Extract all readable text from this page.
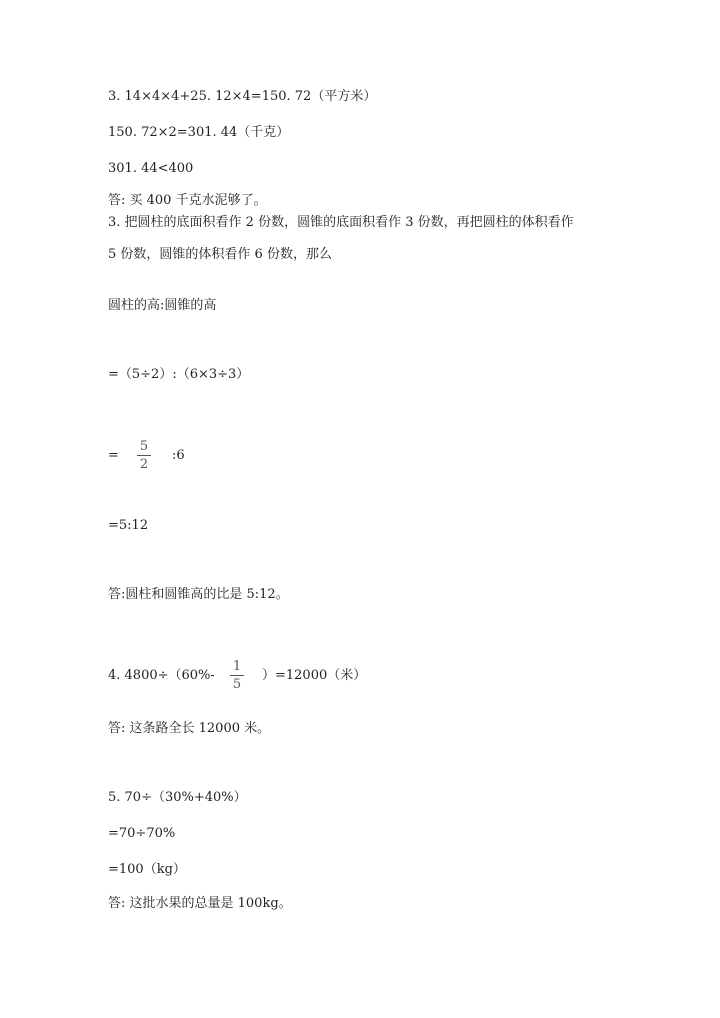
3. 14×4×4+25. 12×4=150. 72（平方米）
150. 72×2=301. 44（千克）
301. 44<400
答: 买 400 千克水泥够了。
3. 把圆柱的底面积看作 2 份数，圆锥的底面积看作 3 份数，再把圆柱的体积看作
5 份数，圆锥的体积看作 6 份数，那么
圆柱的高:圆锥的高
=（5÷2）:（6×3÷3）
=
5
2
:6
=5:12
答:圆柱和圆锥高的比是 5:12。
4. 4800÷（60%-
1
5
）=12000（米）
答: 这条路全长 12000 米。
5. 70÷（30%+40%）
=70÷70%
=100（kg）
答: 这批水果的总量是 100kg。
